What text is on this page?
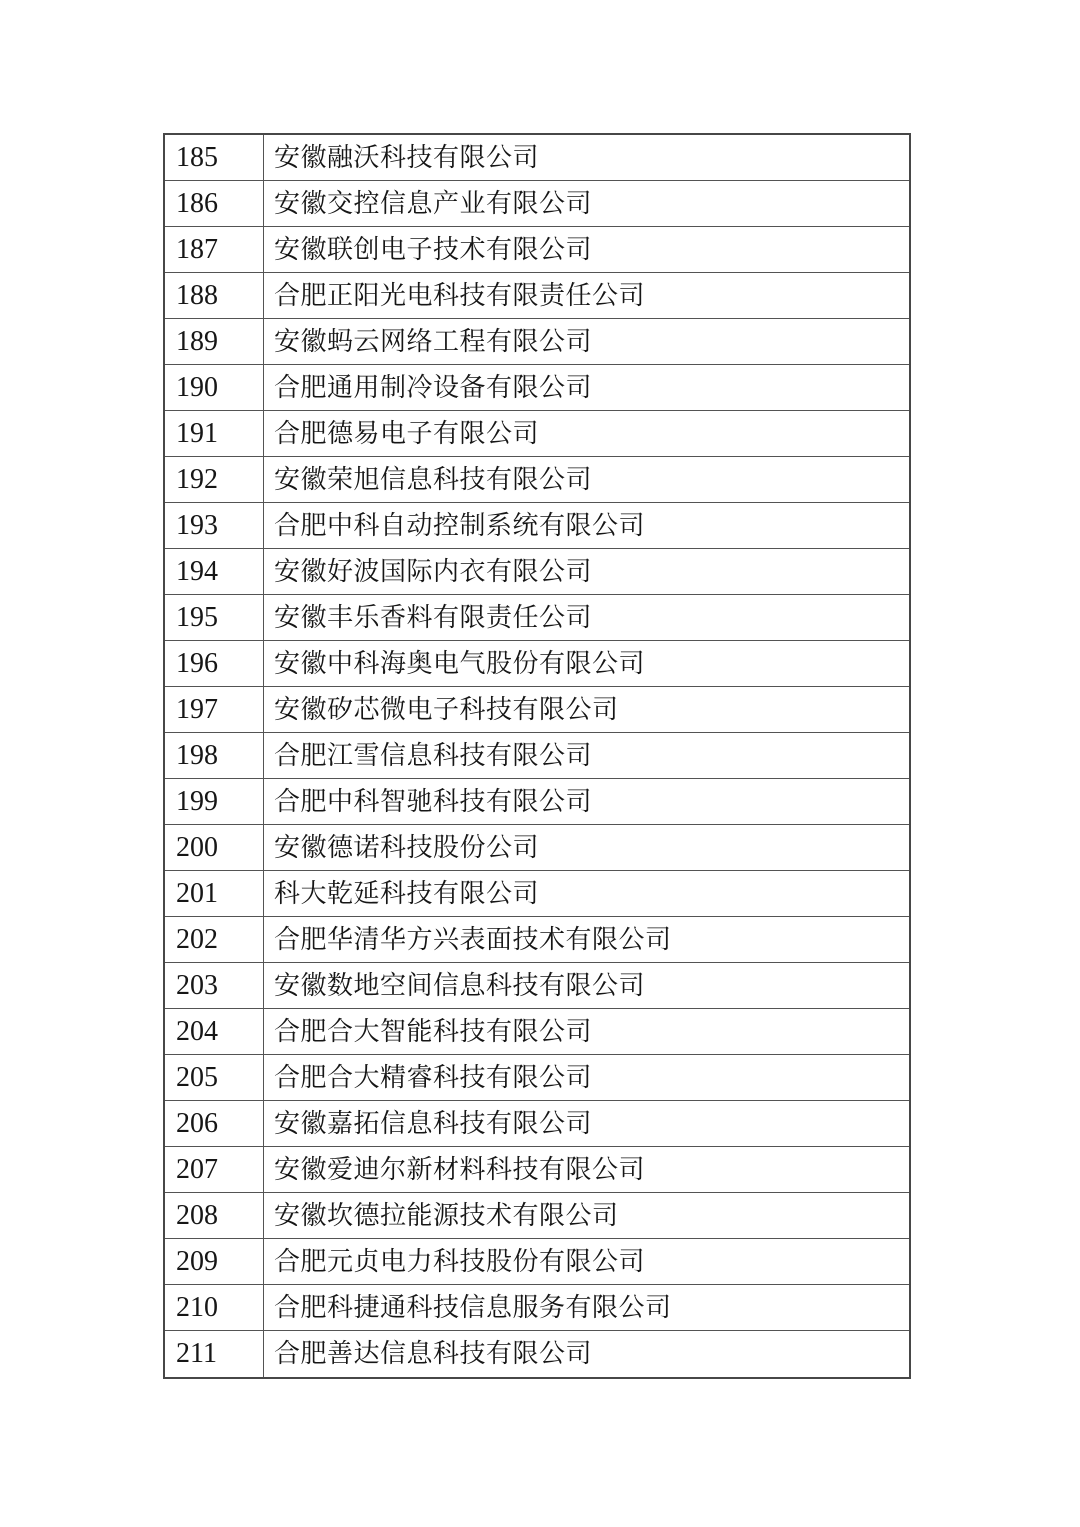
185	安徽融沃科技有限公司
186	安徽交控信息产业有限公司
187	安徽联创电子技术有限公司
188	合肥正阳光电科技有限责任公司
189	安徽蚂云网络工程有限公司
190	合肥通用制冷设备有限公司
191	合肥德易电子有限公司
192	安徽荣旭信息科技有限公司
193	合肥中科自动控制系统有限公司
194	安徽好波国际内衣有限公司
195	安徽丰乐香料有限责任公司
196	安徽中科海奥电气股份有限公司
197	安徽矽芯微电子科技有限公司
198	合肥江雪信息科技有限公司
199	合肥中科智驰科技有限公司
200	安徽德诺科技股份公司
201	科大乾延科技有限公司
202	合肥华清华方兴表面技术有限公司
203	安徽数地空间信息科技有限公司
204	合肥合大智能科技有限公司
205	合肥合大精睿科技有限公司
206	安徽嘉拓信息科技有限公司
207	安徽爱迪尔新材料科技有限公司
208	安徽坎德拉能源技术有限公司
209	合肥元贞电力科技股份有限公司
210	合肥科捷通科技信息服务有限公司
211	合肥善达信息科技有限公司
